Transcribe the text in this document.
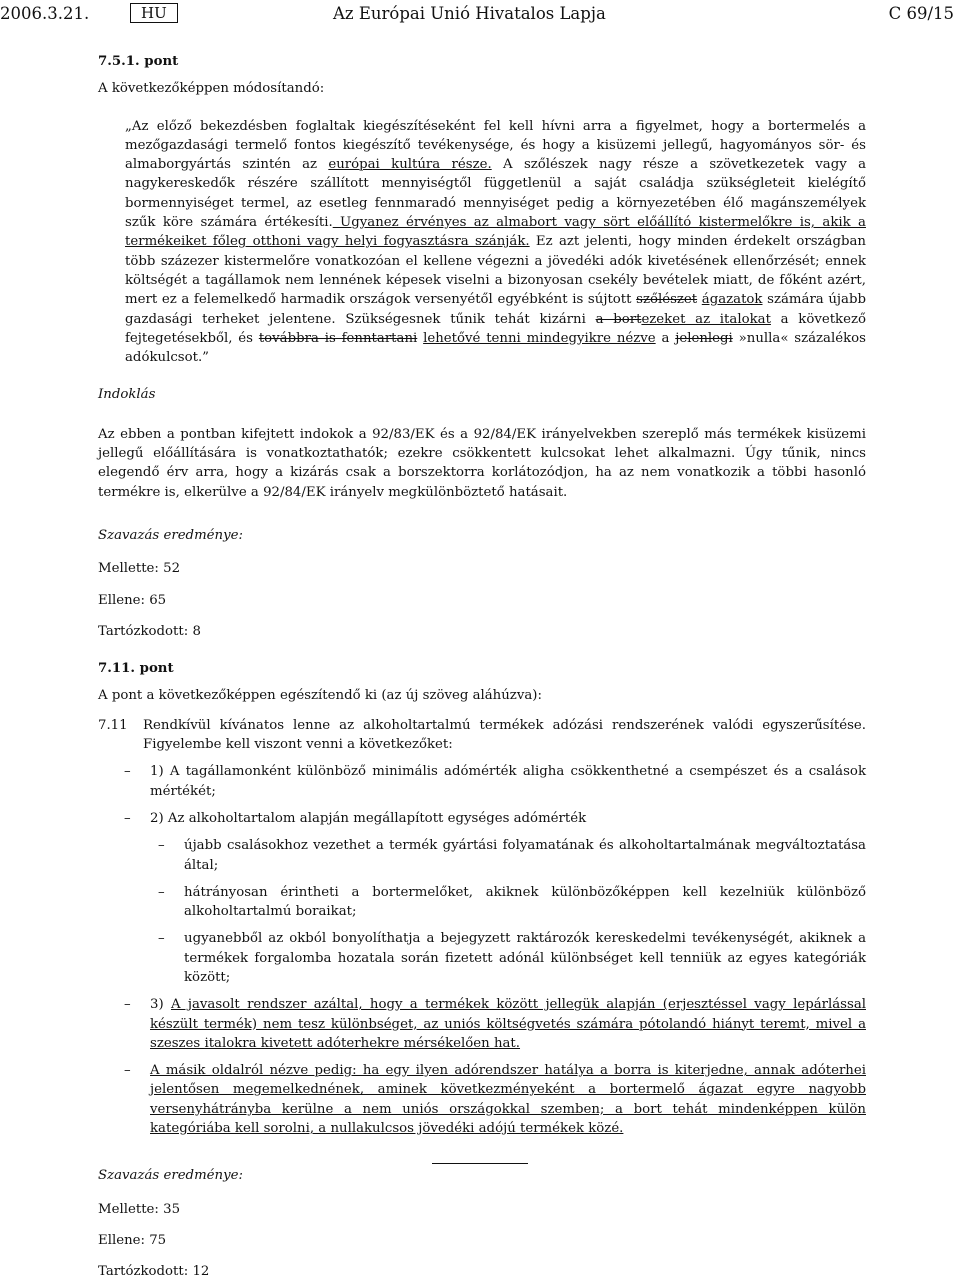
2006.3.21.	HU	Az Európai Unió Hivatalos Lapja	C 69/15

7.5.1. pont

A következőképpen módosítandó:

„Az előző bekezdésben foglaltak kiegészítéseként fel kell hívni arra a figyelmet, hogy a bortermelés a mezőgazdasági termelő fontos kiegészítő tevékenysége, és hogy a kisüzemi jellegű, hagyományos sör- és almaborgyártás szintén az európai kultúra része. A szőlészek nagy része a szövetkezetek vagy a nagykereskedők részére szállított mennyiségtől függetlenül a saját családja szükségleteit kielégítő bormennyiséget termel, az esetleg fennmaradó mennyiséget pedig a környezetében élő magánszemélyek szűk köre számára értékesíti. Ugyanez érvényes az almabort vagy sört előállító kistermelőkre is, akik a termékeiket főleg otthoni vagy helyi fogyasztásra szánják. Ez azt jelenti, hogy minden érdekelt országban több százezer kistermelőre vonatkozóan el kellene végezni a jövedéki adók kivetésének ellenőrzését; ennek költségét a tagállamok nem lennének képesek viselni a bizonyosan csekély bevételek miatt, de főként azért, mert ez a felemelkedő harmadik országok versenyétől egyébként is sújtott szőlészet ágazatok számára újabb gazdasági terheket jelentene. Szükségesnek tűnik tehát kizárni a bortezeket az italokat a következő fejtegetésekből, és továbbra is fenntartani lehetővé tenni mindegyikre nézve a jelenlegi »nulla« százalékos adókulcsot.”

Indoklás

Az ebben a pontban kifejtett indokok a 92/83/EK és a 92/84/EK irányelvekben szereplő más termékek kisüzemi jellegű előállítására is vonatkoztathatók; ezekre csökkentett kulcsokat lehet alkalmazni. Úgy tűnik, nincs elegendő érv arra, hogy a kizárás csak a borszektorra korlátozódjon, ha az nem vonatkozik a többi hasonló termékre is, elkerülve a 92/84/EK irányelv megkülönböztető hatásait.

Szavazás eredménye:

Mellette: 52

Ellene: 65

Tartózkodott: 8

7.11. pont

A pont a következőképpen egészítendő ki (az új szöveg aláhúzva):

7.11	Rendkívül kívánatos lenne az alkoholtartalmú termékek adózási rendszerének valódi egyszerűsítése. Figyelembe kell viszont venni a következőket:
–	1) A tagállamonként különböző minimális adómérték aligha csökkenthetné a csempészet és a csalások mértékét;
–	2) Az alkoholtartalom alapján megállapított egységes adómérték
–	újabb csalásokhoz vezethet a termék gyártási folyamatának és alkoholtartalmának megváltoztatása által;
–	hátrányosan érintheti a bortermelőket, akiknek különbözőképpen kell kezelniük különböző alkoholtartalmú boraikat;
–	ugyanebből az okból bonyolíthatja a bejegyzett raktározók kereskedelmi tevékenységét, akiknek a termékek forgalomba hozatala során fizetett adónál különbséget kell tenniük az egyes kategóriák között;
–	3) A javasolt rendszer azáltal, hogy a termékek között jellegük alapján (erjesztéssel vagy lepárlással készült termék) nem tesz különbséget, az uniós költségvetés számára pótolandó hiányt teremt, mivel a szeszes italokra kivetett adóterhekre mérsékelően hat.
–	A másik oldalról nézve pedig: ha egy ilyen adórendszer hatálya a borra is kiterjedne, annak adóterhei jelentősen megemelkednének, aminek következményeként a bortermelő ágazat egyre nagyobb versenyhátrányba kerülne a nem uniós országokkal szemben; a bort tehát mindenképpen külön kategóriába kell sorolni, a nullakulcsos jövedéki adójú termékek közé.

Szavazás eredménye:

Mellette: 35

Ellene: 75

Tartózkodott: 12
